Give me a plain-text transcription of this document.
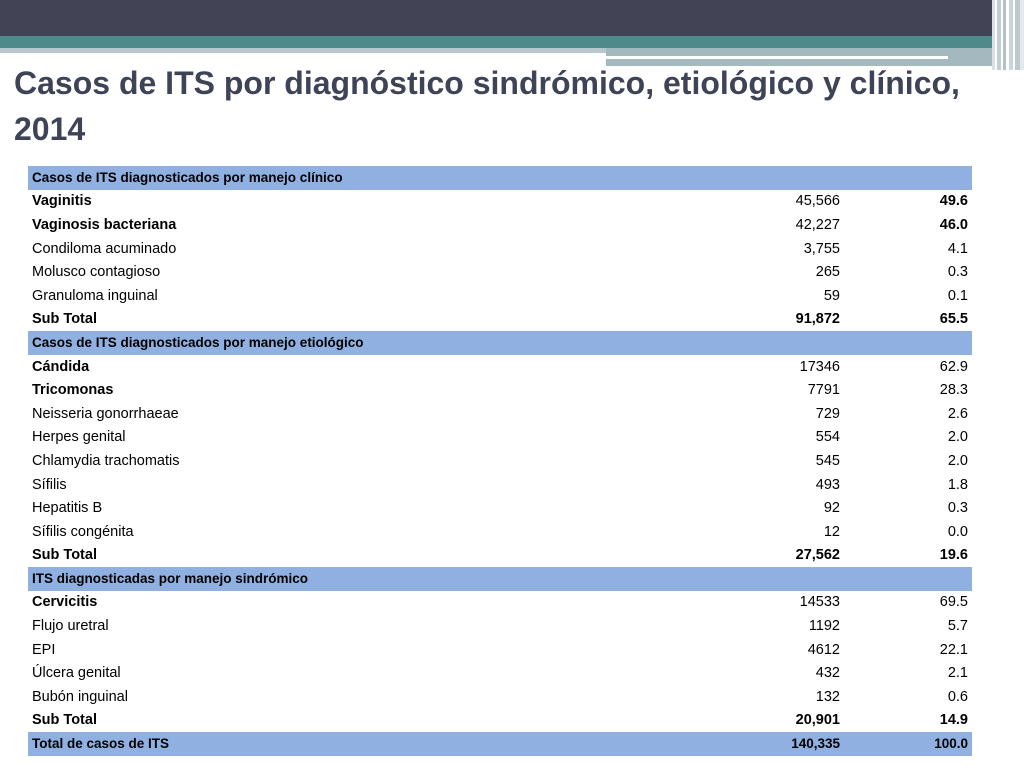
Casos de ITS por diagnóstico sindrómico, etiológico y clínico, 2014
Casos de ITS diagnosticados por manejo clínico		
Vaginitis	45,566	49.6
Vaginosis bacteriana	42,227	46.0
Condiloma acuminado	3,755	4.1
Molusco contagioso	265	0.3
Granuloma inguinal	59	0.1
Sub Total	91,872	65.5
Casos de ITS diagnosticados por manejo etiológico		
Cándida	17346	62.9
Tricomonas	7791	28.3
Neisseria gonorrhaeae	729	2.6
Herpes genital	554	2.0
Chlamydia trachomatis	545	2.0
Sífilis	493	1.8
Hepatitis B	92	0.3
Sífilis congénita	12	0.0
Sub Total	27,562	19.6
ITS diagnosticadas por manejo sindrómico		
Cervicitis	14533	69.5
Flujo uretral	1192	5.7
EPI	4612	22.1
Úlcera genital	432	2.1
Bubón inguinal	132	0.6
Sub Total	20,901	14.9
Total de casos de ITS	140,335	100.0
